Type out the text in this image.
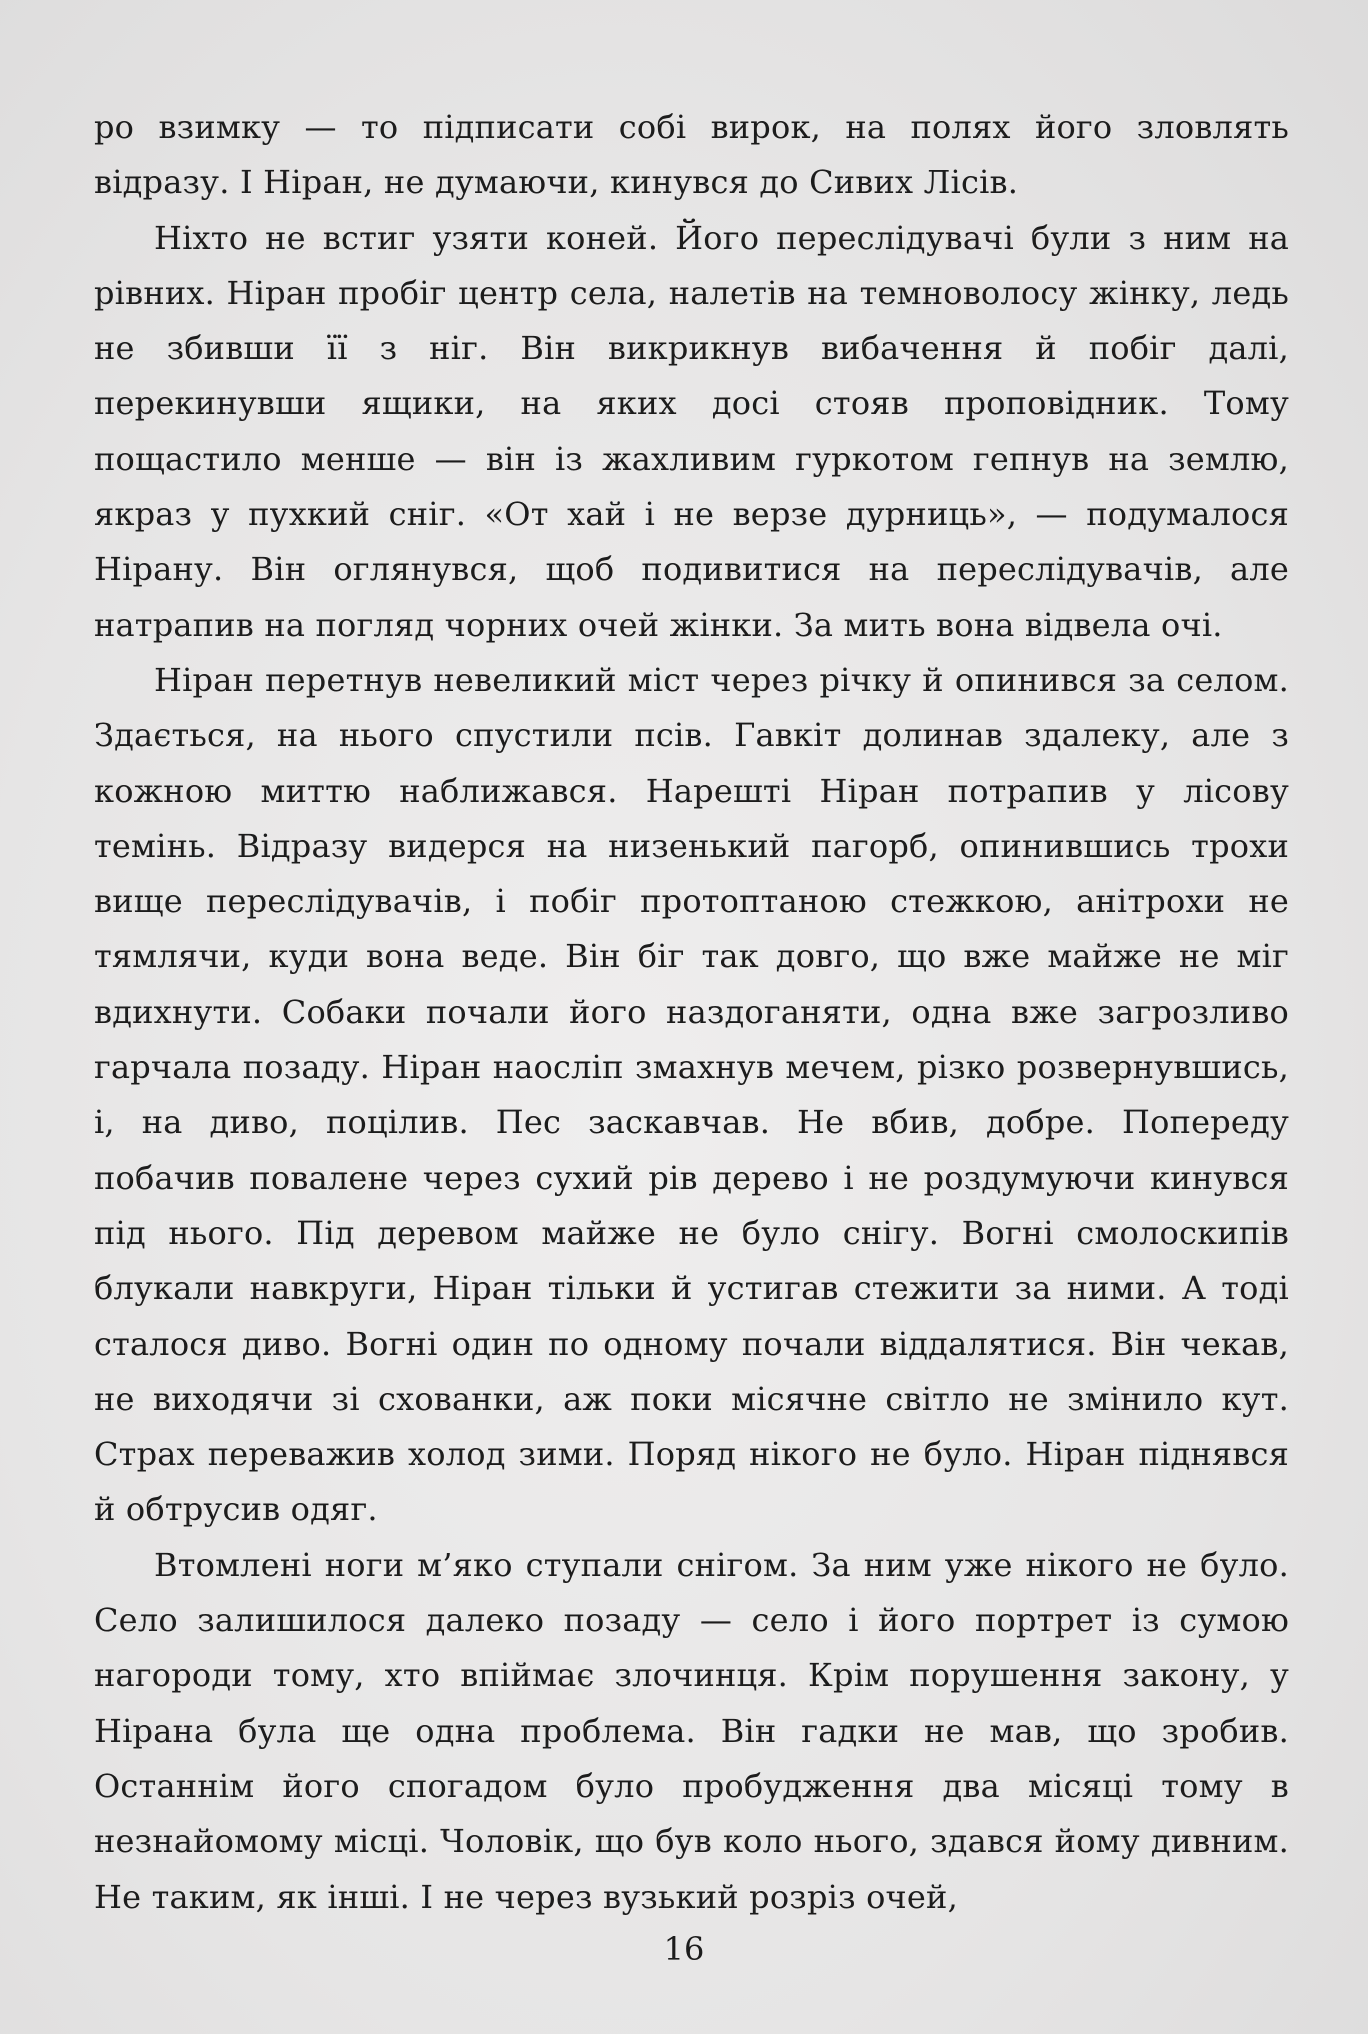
ро взимку — то підписати собі вирок, на полях його зловлять відразу. І Ніран, не думаючи, кинувся до Сивих Лісів.

Ніхто не встиг узяти коней. Його переслідувачі були з ним на рівних. Ніран пробіг центр села, налетів на темноволосу жінку, ледь не збивши її з ніг. Він викрикнув вибачення й побіг далі, перекинувши ящики, на яких досі стояв проповідник. Тому пощастило менше — він із жахливим гуркотом гепнув на землю, якраз у пухкий сніг. «От хай і не верзе дурниць», — подумалося Нірану. Він оглянувся, щоб подивитися на переслідувачів, але натрапив на погляд чорних очей жінки. За мить вона відвела очі.

Ніран перетнув невеликий міст через річку й опинився за селом. Здається, на нього спустили псів. Гавкіт долинав здалеку, але з кожною миттю наближався. Нарешті Ніран потрапив у лісову темінь. Відразу видерся на низенький пагорб, опинившись трохи вище переслідувачів, і побіг протоптаною стежкою, анітрохи не тямлячи, куди вона веде. Він біг так довго, що вже майже не міг вдихнути. Собаки почали його наздоганяти, одна вже загрозливо гарчала позаду. Ніран наосліп змахнув мечем, різко розвернувшись, і, на диво, поцілив. Пес заскавчав. Не вбив, добре. Попереду побачив повалене через сухий рів дерево і не роздумуючи кинувся під нього. Під деревом майже не було снігу. Вогні смолоскипів блукали навкруги, Ніран тільки й устигав стежити за ними. А тоді сталося диво. Вогні один по одному почали віддалятися. Він чекав, не виходячи зі схованки, аж поки місячне світло не змінило кут. Страх переважив холод зими. Поряд нікого не було. Ніран піднявся й обтрусив одяг.

Втомлені ноги м’яко ступали снігом. За ним уже нікого не було. Село залишилося далеко позаду — село і його портрет із сумою нагороди тому, хто впіймає злочинця. Крім порушення закону, у Нірана була ще одна проблема. Він гадки не мав, що зробив. Останнім його спогадом було пробудження два місяці тому в незнайомому місці. Чоловік, що був коло нього, здався йому дивним. Не таким, як інші. І не через вузький розріз очей,

16
